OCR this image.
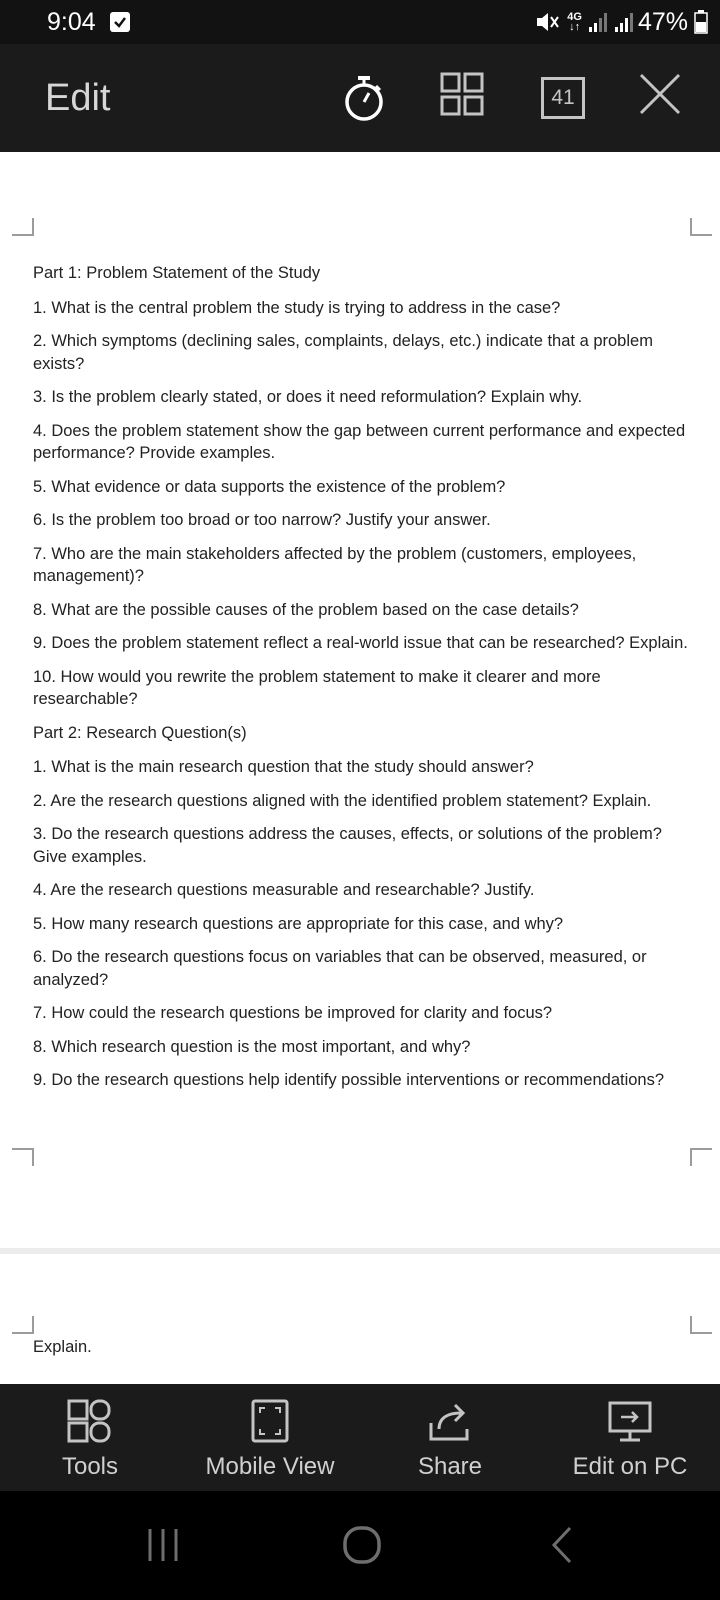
9:04	4G
↓↑ 47%
Edit	41

Part 1: Problem Statement of the Study

1. What is the central problem the study is trying to address in the case?

2. Which symptoms (declining sales, complaints, delays, etc.) indicate that a problem exists?

3. Is the problem clearly stated, or does it need reformulation? Explain why.

4. Does the problem statement show the gap between current performance and expected performance? Provide examples.

5. What evidence or data supports the existence of the problem?

6. Is the problem too broad or too narrow? Justify your answer.

7. Who are the main stakeholders affected by the problem (customers, employees, management)?

8. What are the possible causes of the problem based on the case details?

9. Does the problem statement reflect a real-world issue that can be researched? Explain.

10. How would you rewrite the problem statement to make it clearer and more researchable?

Part 2: Research Question(s)

1. What is the main research question that the study should answer?

2. Are the research questions aligned with the identified problem statement? Explain.

3. Do the research questions address the causes, effects, or solutions of the problem? Give examples.

4. Are the research questions measurable and researchable? Justify.

5. How many research questions are appropriate for this case, and why?

6. Do the research questions focus on variables that can be observed, measured, or analyzed?

7. How could the research questions be improved for clarity and focus?

8. Which research question is the most important, and why?

9. Do the research questions help identify possible interventions or recommendations?

Explain.

Tools	Mobile View	Share	Edit on PC
